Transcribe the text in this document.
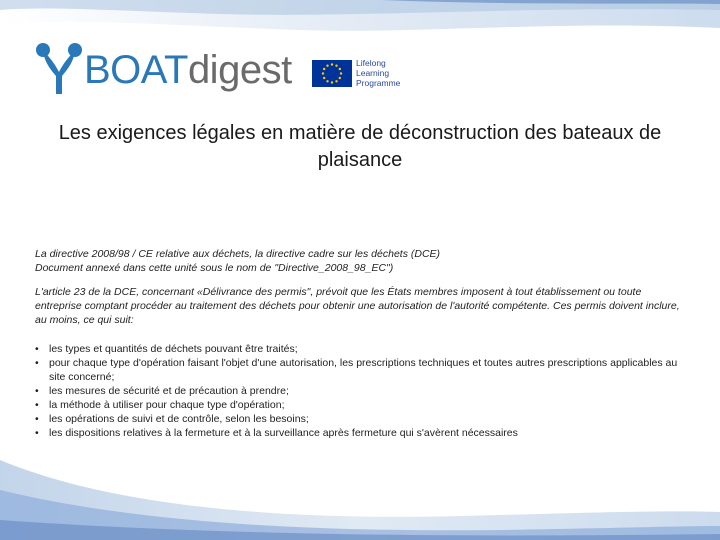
BOATdigest	Lifelong
Learning
Programme
Les exigences légales en matière de déconstruction des bateaux de plaisance

La directive 2008/98 / CE relative aux déchets, la directive cadre sur les déchets (DCE)
Document annexé dans cette unité sous le nom de "Directive_2008_98_EC")

L'article 23 de la DCE, concernant «Délivrance des permis", prévoit que les États membres imposent à tout établissement ou toute entreprise comptant procéder au traitement des déchets pour obtenir une autorisation de l'autorité compétente. Ces permis doivent inclure, au moins, ce qui suit:

• les types et quantités de déchets pouvant être traités;
• pour chaque type d'opération faisant l'objet d'une autorisation, les prescriptions techniques et toutes autres prescriptions applicables au site concerné;
• les mesures de sécurité et de précaution à prendre;
• la méthode à utiliser pour chaque type d'opération;
• les opérations de suivi et de contrôle, selon les besoins;
• les dispositions relatives à la fermeture et à la surveillance après fermeture qui s'avèrent nécessaires
